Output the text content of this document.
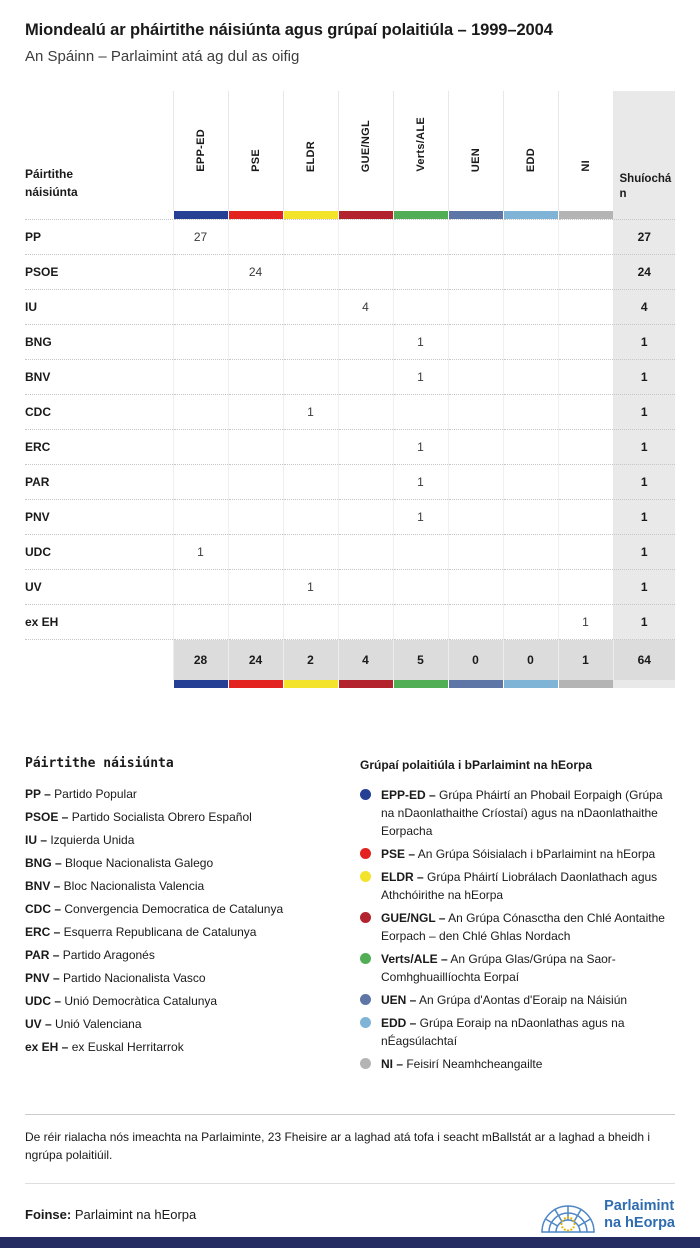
Miondealú ar pháirtithe náisiúnta agus grúpaí polaitiúla – 1999–2004
An Spáinn – Parlaimint atá ag dul as oifig
Páirtithe náisiúnta	EPP-ED	PSE	ELDR	GUE/NGL	Verts/ALE	UEN	EDD	NI	Shuíochán

PP	27								27
PSOE		24							24
IU				4					4
BNG					1				1
BNV					1				1
CDC			1						1
ERC					1				1
PAR					1				1
PNV					1				1
UDC	1								1
UV			1						1
ex EH								1	1
	28	24	2	4	5	0	0	1	64

Páirtithe náisiúnta
PP – Partido Popular
PSOE – Partido Socialista Obrero Español
IU – Izquierda Unida
BNG – Bloque Nacionalista Galego
BNV – Bloc Nacionalista Valencia
CDC – Convergencia Democratica de Catalunya
ERC – Esquerra Republicana de Catalunya
PAR – Partido Aragonés
PNV – Partido Nacionalista Vasco
UDC – Unió Democràtica Catalunya
UV – Unió Valenciana
ex EH – ex Euskal Herritarrok
Grúpaí polaitiúla i bParlaimint na hEorpa
EPP-ED – Grúpa Pháirtí an Phobail Eorpaigh (Grúpa na nDaonlathaithe Críostaí) agus na nDaonlathaithe Eorpacha
PSE – An Grúpa Sóisialach i bParlaimint na hEorpa
ELDR – Grúpa Pháirtí Liobrálach Daonlathach agus Athchóirithe na hEorpa
GUE/NGL – An Grúpa Cónasctha den Chlé Aontaithe Eorpach – den Chlé Ghlas Nordach
Verts/ALE – An Grúpa Glas/Grúpa na Saor-Comhghuaillíochta Eorpaí
UEN – An Grúpa d'Aontas d'Eoraip na Náisiún
EDD – Grúpa Eoraip na nDaonlathas agus na nÉagsúlachtaí
NI – Feisirí Neamhcheangailte

De réir rialacha nós imeachta na Parlaiminte, 23 Fheisire ar a laghad atá tofa i seacht mBallstát ar a laghad a bheidh i ngrúpa polaitiúil.

Foinse: Parlaimint na hEorpa

Parlaimint
na hEorpa
